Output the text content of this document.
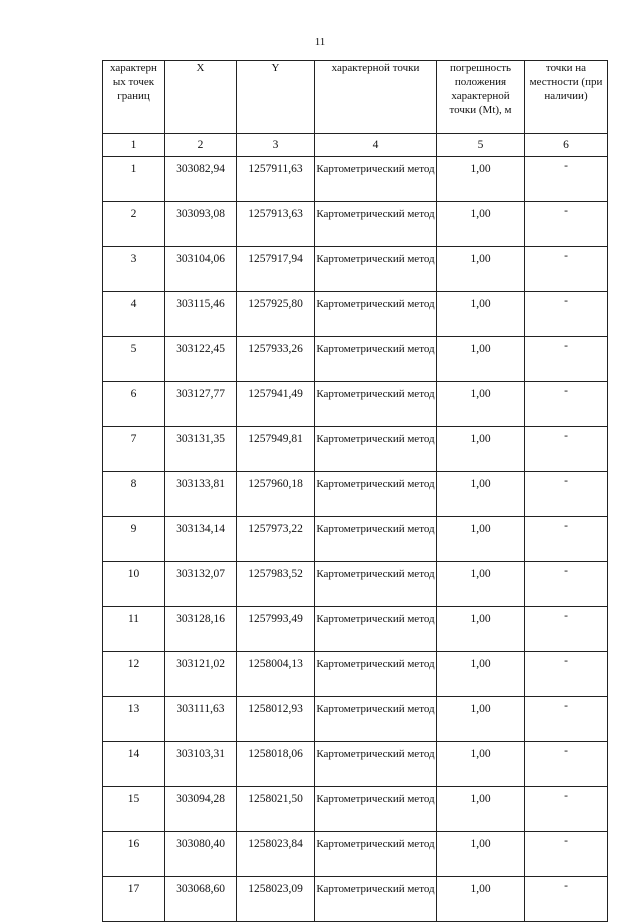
11
характерн ых точек границ	X	Y	характерной точки	погрешность положения характерной точки (Mt), м	точки на местности (при наличии)
1	2	3	4	5	6
1	303082,94	1257911,63	Картометрический метод	1,00	-
2	303093,08	1257913,63	Картометрический метод	1,00	-
3	303104,06	1257917,94	Картометрический метод	1,00	-
4	303115,46	1257925,80	Картометрический метод	1,00	-
5	303122,45	1257933,26	Картометрический метод	1,00	-
6	303127,77	1257941,49	Картометрический метод	1,00	-
7	303131,35	1257949,81	Картометрический метод	1,00	-
8	303133,81	1257960,18	Картометрический метод	1,00	-
9	303134,14	1257973,22	Картометрический метод	1,00	-
10	303132,07	1257983,52	Картометрический метод	1,00	-
11	303128,16	1257993,49	Картометрический метод	1,00	-
12	303121,02	1258004,13	Картометрический метод	1,00	-
13	303111,63	1258012,93	Картометрический метод	1,00	-
14	303103,31	1258018,06	Картометрический метод	1,00	-
15	303094,28	1258021,50	Картометрический метод	1,00	-
16	303080,40	1258023,84	Картометрический метод	1,00	-
17	303068,60	1258023,09	Картометрический метод	1,00	-
